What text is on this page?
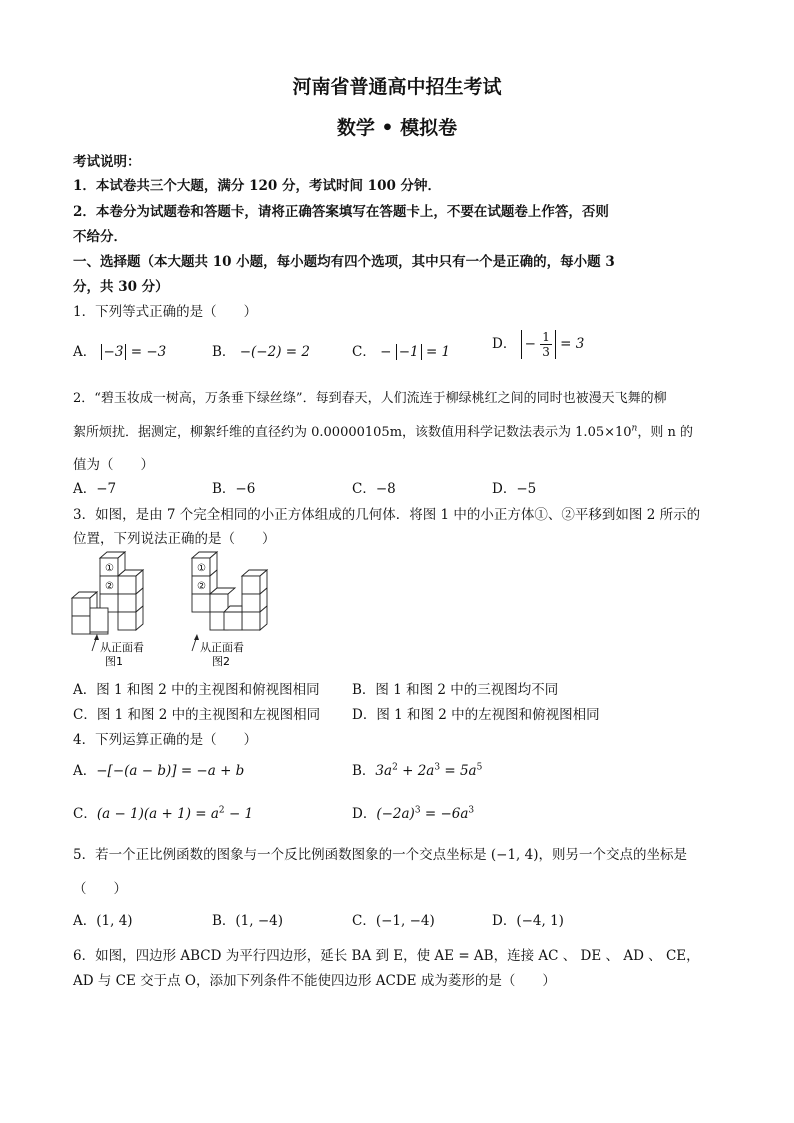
河南省普通高中招生考试
数学 • 模拟卷
考试说明：
1．本试卷共三个大题，满分 120 分，考试时间 100 分钟．
2．本卷分为试题卷和答题卡，请将正确答案填写在答题卡上，不要在试题卷上作答，否则
不给分．
一、选择题（本大题共 10 小题，每小题均有四个选项，其中只有一个是正确的，每小题 3
分，共 30 分）
1．下列等式正确的是（　　）
A． −3 = −3	B． −(−2) = 2	C． − −1 = 1	D． − $\frac{1}{3} = 3$
2．“碧玉妆成一树高，万条垂下绿丝绦”．每到春天，人们流连于柳绿桃红之间的同时也被漫天飞舞的柳
絮所烦扰．据测定，柳絮纤维的直径约为 0.00000105m，该数值用科学记数法表示为 $1.05\times 10^n$，则 n 的
值为（　　）
A．−7	B．−6	C．−8	D．−5
3．如图，是由 7 个完全相同的小正方体组成的几何体．将图 1 中的小正方体①、②平移到如图 2 所示的
位置，下列说法正确的是（　　）
①
②
①
②
从正面看	从正面看
图1	图2
A．图 1 和图 2 中的主视图和俯视图相同 B．图 1 和图 2 中的三视图均不同
C．图 1 和图 2 中的主视图和左视图相同 D．图 1 和图 2 中的左视图和俯视图相同
4．下列运算正确的是（　　）
A．−[−(a − b)] = −a + b	B．$3a^2 + 2a^3 = 5a^5$
C．$(a - 1)(a + 1) = a^2 - 1$	D．$(-2a)^3 = -6a^3$
5．若一个正比例函数的图象与一个反比例函数图象的一个交点坐标是 (−1, 4)，则另一个交点的坐标是
（　　）
A．(1, 4)	B．(1, −4)	C．(−1, −4)	D．(−4, 1)
6．如图，四边形 ABCD 为平行四边形，延长 BA 到 E，使 AE = AB，连接 AC 、 DE 、 AD 、 CE，
AD 与 CE 交于点 O，添加下列条件不能使四边形 ACDE 成为菱形的是（　　）
